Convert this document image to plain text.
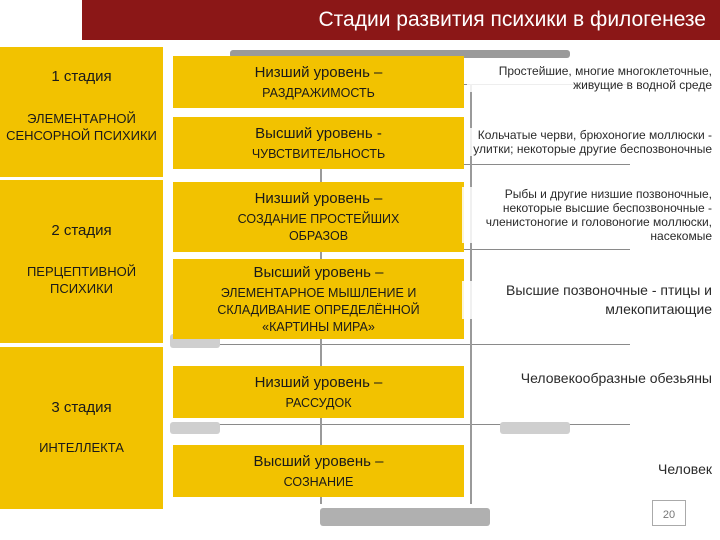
Стадии развития психики в филогенезе
1 стадия
ЭЛЕМЕНТАРНОЙ СЕНСОРНОЙ ПСИХИКИ
2 стадия
ПЕРЦЕПТИВНОЙ ПСИХИКИ
3 стадия
ИНТЕЛЛЕКТА
Низший уровень –
РАЗДРАЖИМОСТЬ
Высший уровень -
ЧУВСТВИТЕЛЬНОСТЬ
Низший уровень –
СОЗДАНИЕ ПРОСТЕЙШИХ ОБРАЗОВ
Высший уровень –
ЭЛЕМЕНТАРНОЕ МЫШЛЕНИЕ И СКЛАДИВАНИЕ ОПРЕДЕЛЁННОЙ «КАРТИНЫ МИРА»
Низший уровень –
РАССУДОК
Высший уровень –
СОЗНАНИЕ
Простейшие, многие многоклеточные, живущие в водной среде
Кольчатые черви, брюхоногие моллюски - улитки; некоторые другие беспозвоночные
Рыбы и другие низшие позвоночные, некоторые высшие беспозвоночные - членистоногие и головоногие моллюски, насекомые
Высшие позвоночные - птицы и млекопитающие
Человекообразные обезьяны
Человек
20
